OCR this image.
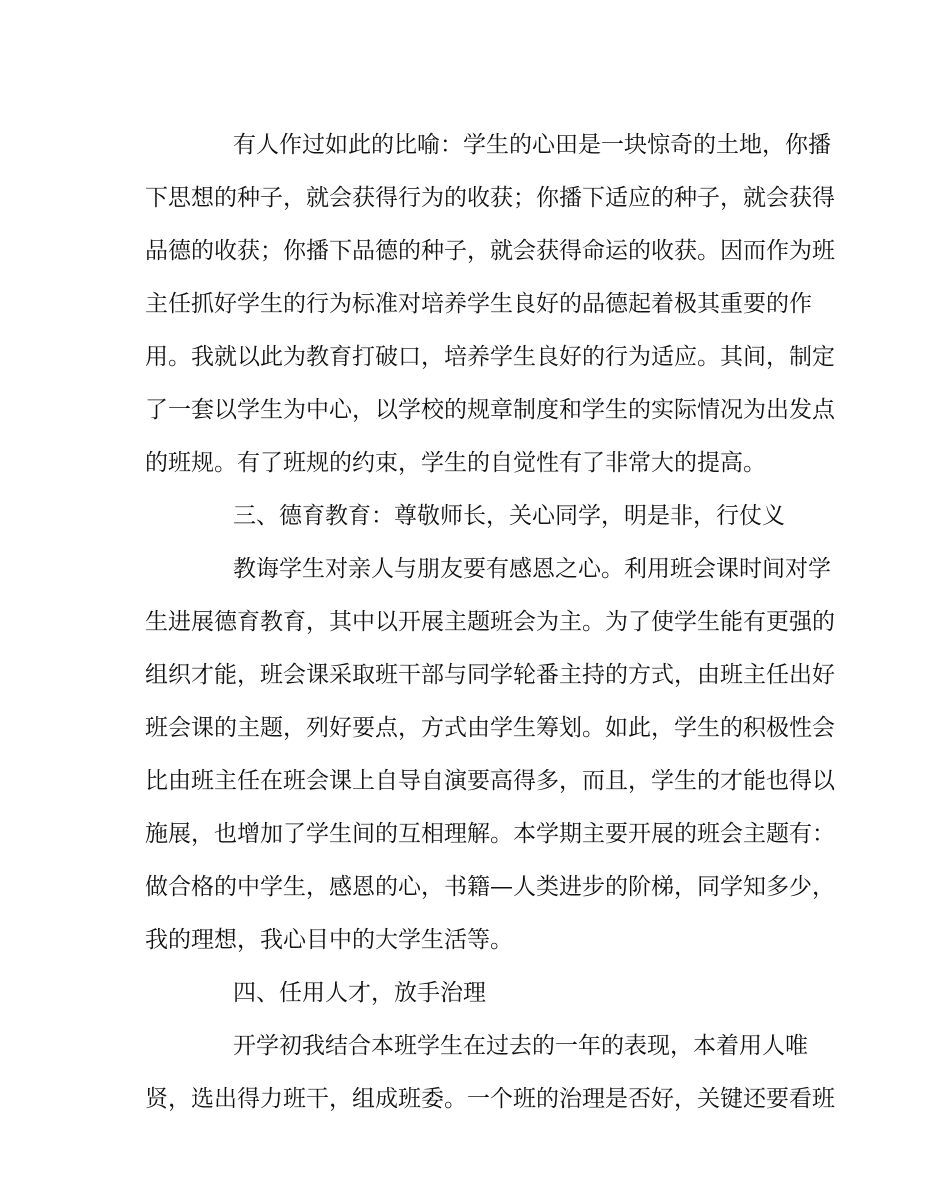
有人作过如此的比喻：学生的心田是一块惊奇的土地，你播
下思想的种子，就会获得行为的收获；你播下适应的种子，就会获得
品德的收获；你播下品德的种子，就会获得命运的收获。因而作为班
主任抓好学生的行为标准对培养学生良好的品德起着极其重要的作
用。我就以此为教育打破口，培养学生良好的行为适应。其间，制定
了一套以学生为中心，以学校的规章制度和学生的实际情况为出发点
的班规。有了班规的约束，学生的自觉性有了非常大的提高。
三、德育教育：尊敬师长，关心同学，明是非，行仗义
教诲学生对亲人与朋友要有感恩之心。利用班会课时间对学
生进展德育教育，其中以开展主题班会为主。为了使学生能有更强的
组织才能，班会课采取班干部与同学轮番主持的方式，由班主任出好
班会课的主题，列好要点，方式由学生筹划。如此，学生的积极性会
比由班主任在班会课上自导自演要高得多，而且，学生的才能也得以
施展，也增加了学生间的互相理解。本学期主要开展的班会主题有：
做合格的中学生，感恩的心，书籍—人类进步的阶梯，同学知多少，
我的理想，我心目中的大学生活等。
四、任用人才，放手治理
开学初我结合本班学生在过去的一年的表现，本着用人唯
贤，选出得力班干，组成班委。一个班的治理是否好，关键还要看班
